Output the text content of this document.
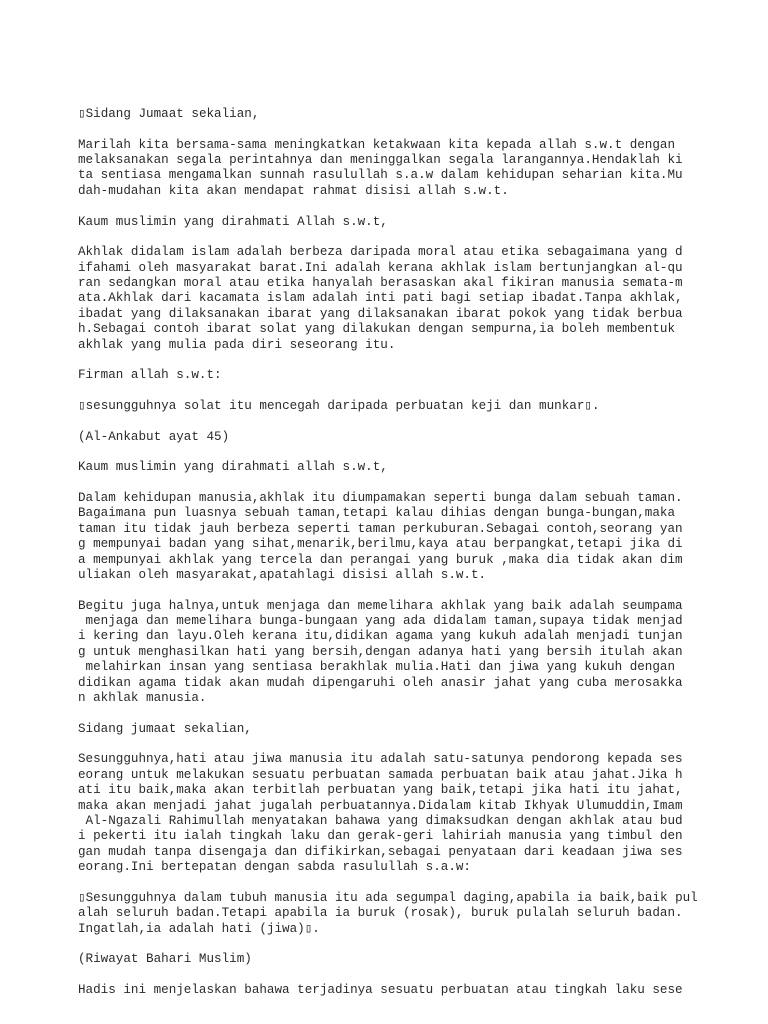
▯Sidang Jumaat sekalian,
Marilah kita bersama-sama meningkatkan ketakwaan kita kepada allah s.w.t dengan
melaksanakan segala perintahnya dan meninggalkan segala larangannya.Hendaklah ki
ta sentiasa mengamalkan sunnah rasulullah s.a.w dalam kehidupan seharian kita.Mu
dah-mudahan kita akan mendapat rahmat disisi allah s.w.t.
Kaum muslimin yang dirahmati Allah s.w.t,
Akhlak didalam islam adalah berbeza daripada moral atau etika sebagaimana yang d
ifahami oleh masyarakat barat.Ini adalah kerana akhlak islam bertunjangkan al-qu
ran sedangkan moral atau etika hanyalah berasaskan akal fikiran manusia semata-m
ata.Akhlak dari kacamata islam adalah inti pati bagi setiap ibadat.Tanpa akhlak,
ibadat yang dilaksanakan ibarat yang dilaksanakan ibarat pokok yang tidak berbua
h.Sebagai contoh ibarat solat yang dilakukan dengan sempurna,ia boleh membentuk
akhlak yang mulia pada diri seseorang itu.
Firman allah s.w.t:
▯sesungguhnya solat itu mencegah daripada perbuatan keji dan munkar▯.
(Al-Ankabut ayat 45)
Kaum muslimin yang dirahmati allah s.w.t,
Dalam kehidupan manusia,akhlak itu diumpamakan seperti bunga dalam sebuah taman.
Bagaimana pun luasnya sebuah taman,tetapi kalau dihias dengan bunga-bungan,maka
taman itu tidak jauh berbeza seperti taman perkuburan.Sebagai contoh,seorang yan
g mempunyai badan yang sihat,menarik,berilmu,kaya atau berpangkat,tetapi jika di
a mempunyai akhlak yang tercela dan perangai yang buruk ,maka dia tidak akan dim
uliakan oleh masyarakat,apatahlagi disisi allah s.w.t.
Begitu juga halnya,untuk menjaga dan memelihara akhlak yang baik adalah seumpama
menjaga dan memelihara bunga-bungaan yang ada didalam taman,supaya tidak menjad
i kering dan layu.Oleh kerana itu,didikan agama yang kukuh adalah menjadi tunjan
g untuk menghasilkan hati yang bersih,dengan adanya hati yang bersih itulah akan
melahirkan insan yang sentiasa berakhlak mulia.Hati dan jiwa yang kukuh dengan
didikan agama tidak akan mudah dipengaruhi oleh anasir jahat yang cuba merosakka
n akhlak manusia.
Sidang jumaat sekalian,
Sesungguhnya,hati atau jiwa manusia itu adalah satu-satunya pendorong kepada ses
eorang untuk melakukan sesuatu perbuatan samada perbuatan baik atau jahat.Jika h
ati itu baik,maka akan terbitlah perbuatan yang baik,tetapi jika hati itu jahat,
maka akan menjadi jahat jugalah perbuatannya.Didalam kitab Ikhyak Ulumuddin,Imam
Al-Ngazali Rahimullah menyatakan bahawa yang dimaksudkan dengan akhlak atau bud
i pekerti itu ialah tingkah laku dan gerak-geri lahiriah manusia yang timbul den
gan mudah tanpa disengaja dan difikirkan,sebagai penyataan dari keadaan jiwa ses
eorang.Ini bertepatan dengan sabda rasulullah s.a.w:
▯Sesungguhnya dalam tubuh manusia itu ada segumpal daging,apabila ia baik,baik pul
alah seluruh badan.Tetapi apabila ia buruk (rosak), buruk pulalah seluruh badan.
Ingatlah,ia adalah hati (jiwa)▯.
(Riwayat Bahari Muslim)
Hadis ini menjelaskan bahawa terjadinya sesuatu perbuatan atau tingkah laku sese
